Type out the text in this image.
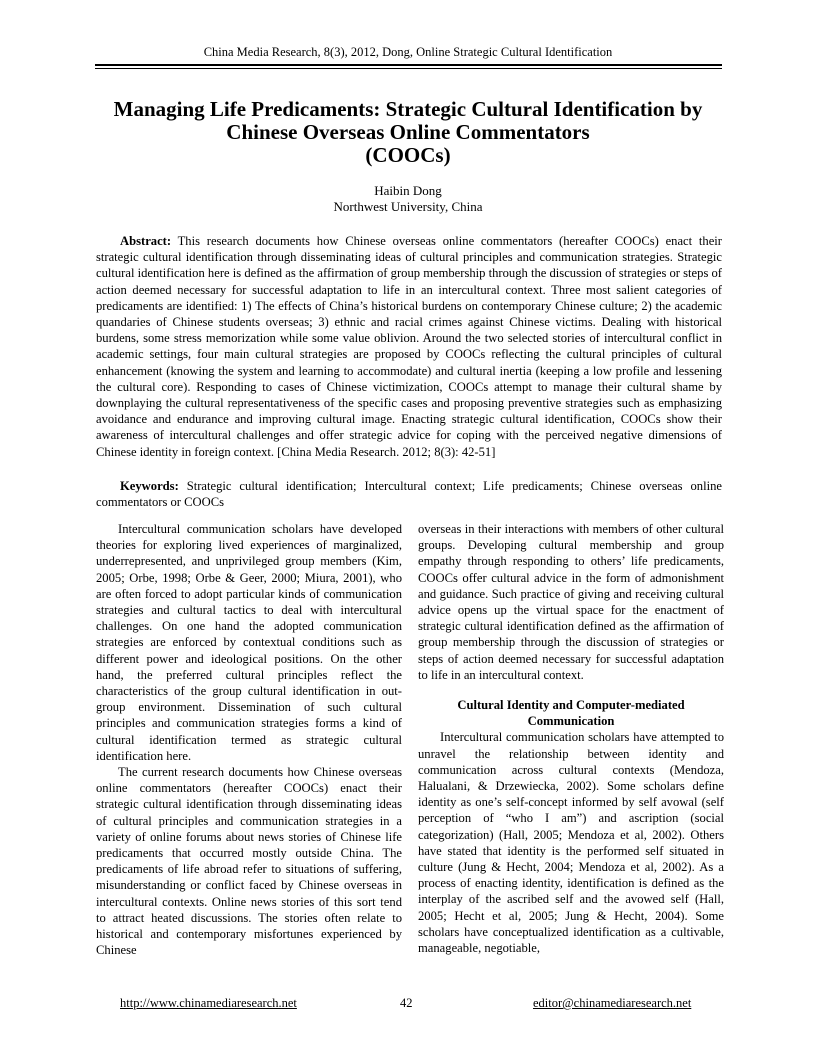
China Media Research, 8(3), 2012, Dong, Online Strategic Cultural Identification
Managing Life Predicaments: Strategic Cultural Identification by
Chinese Overseas Online Commentators
(COOCs)
Haibin Dong
Northwest University, China

Abstract: This research documents how Chinese overseas online commentators (hereafter COOCs) enact their strategic cultural identification through disseminating ideas of cultural principles and communication strategies. Strategic cultural identification here is defined as the affirmation of group membership through the discussion of strategies or steps of action deemed necessary for successful adaptation to life in an intercultural context. Three most salient categories of predicaments are identified: 1) The effects of China’s historical burdens on contemporary Chinese culture; 2) the academic quandaries of Chinese students overseas; 3) ethnic and racial crimes against Chinese victims. Dealing with historical burdens, some stress memorization while some value oblivion. Around the two selected stories of intercultural conflict in academic settings, four main cultural strategies are proposed by COOCs reflecting the cultural principles of cultural enhancement (knowing the system and learning to accommodate) and cultural inertia (keeping a low profile and lessening the cultural core). Responding to cases of Chinese victimization, COOCs attempt to manage their cultural shame by downplaying the cultural representativeness of the specific cases and proposing preventive strategies such as emphasizing avoidance and endurance and improving cultural image. Enacting strategic cultural identification, COOCs show their awareness of intercultural challenges and offer strategic advice for coping with the perceived negative dimensions of Chinese identity in foreign context. [China Media Research. 2012; 8(3): 42-51]

Keywords: Strategic cultural identification; Intercultural context; Life predicaments; Chinese overseas online commentators or COOCs

Intercultural communication scholars have developed theories for exploring lived experiences of marginalized, underrepresented, and unprivileged group members (Kim, 2005; Orbe, 1998; Orbe & Geer, 2000; Miura, 2001), who are often forced to adopt particular kinds of communication strategies and cultural tactics to deal with intercultural challenges. On one hand the adopted communication strategies are enforced by contextual conditions such as different power and ideological positions. On the other hand, the preferred cultural principles reflect the characteristics of the group cultural identification in out-group environment. Dissemination of such cultural principles and communication strategies forms a kind of cultural identification termed as strategic cultural identification here.

The current research documents how Chinese overseas online commentators (hereafter COOCs) enact their strategic cultural identification through disseminating ideas of cultural principles and communication strategies in a variety of online forums about news stories of Chinese life predicaments that occurred mostly outside China. The predicaments of life abroad refer to situations of suffering, misunderstanding or conflict faced by Chinese overseas in intercultural contexts. Online news stories of this sort tend to attract heated discussions. The stories often relate to historical and contemporary misfortunes experienced by Chinese

overseas in their interactions with members of other cultural groups. Developing cultural membership and group empathy through responding to others’ life predicaments, COOCs offer cultural advice in the form of admonishment and guidance. Such practice of giving and receiving cultural advice opens up the virtual space for the enactment of strategic cultural identification defined as the affirmation of group membership through the discussion of strategies or steps of action deemed necessary for successful adaptation to life in an intercultural context.

Cultural Identity and Computer-mediated
Communication

Intercultural communication scholars have attempted to unravel the relationship between identity and communication across cultural contexts (Mendoza, Halualani, & Drzewiecka, 2002). Some scholars define identity as one’s self-concept informed by self avowal (self perception of “who I am”) and ascription (social categorization) (Hall, 2005; Mendoza et al, 2002). Others have stated that identity is the performed self situated in culture (Jung & Hecht, 2004; Mendoza et al, 2002). As a process of enacting identity, identification is defined as the interplay of the ascribed self and the avowed self (Hall, 2005; Hecht et al, 2005; Jung & Hecht, 2004). Some scholars have conceptualized identification as a cultivable, manageable, negotiable,

http://www.chinamediaresearch.net	42	editor@chinamediaresearch.net
